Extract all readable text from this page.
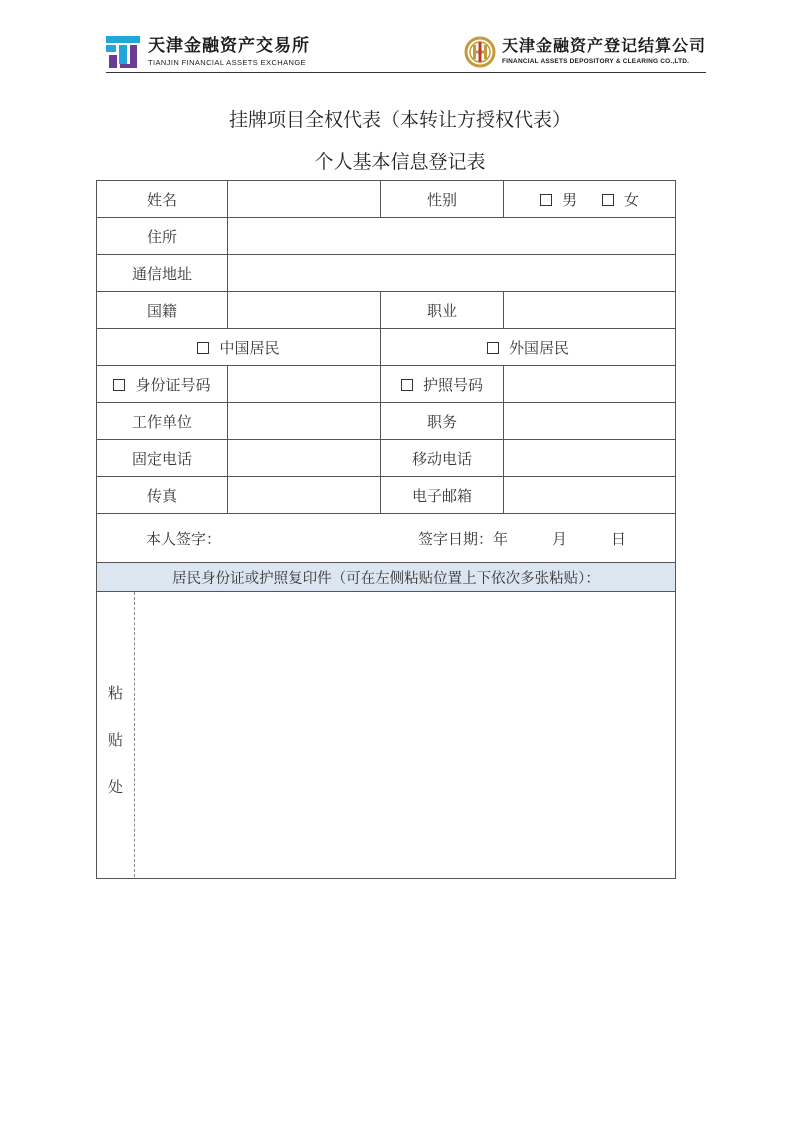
天津金融资产交易所
TIANJIN FINANCIAL ASSETS EXCHANGE
天津金融资产登记结算公司
FINANCIAL ASSETS DEPOSITORY & CLEARING CO.,LTD.
挂牌项目全权代表（本转让方授权代表）
个人基本信息登记表
姓名		性别	男 女
住所			
通信地址			
国籍		职业	
中国居民		外国居民	
身份证号码		护照号码	
工作单位		职务	
固定电话		移动电话	
传真		电子邮箱	

本人签字： 签字日期： 年 月 日			

居民身份证或护照复印件（可在左侧粘贴位置上下依次多张粘贴）：			

粘
贴
处			
